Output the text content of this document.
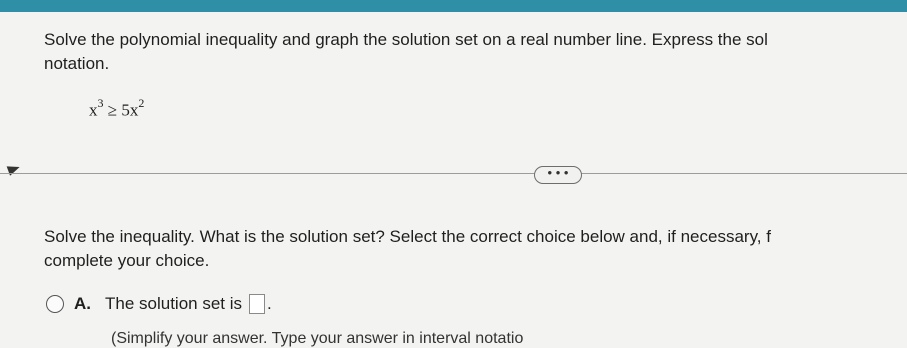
Solve the polynomial inequality and graph the solution set on a real number line. Express the sol
notation.
$x^3 \ge 5x^2$
• • •
Solve the inequality. What is the solution set? Select the correct choice below and, if necessary, f
complete your choice.
A. The solution set is .
(Simplify your answer. Type your answer in interval notatio
